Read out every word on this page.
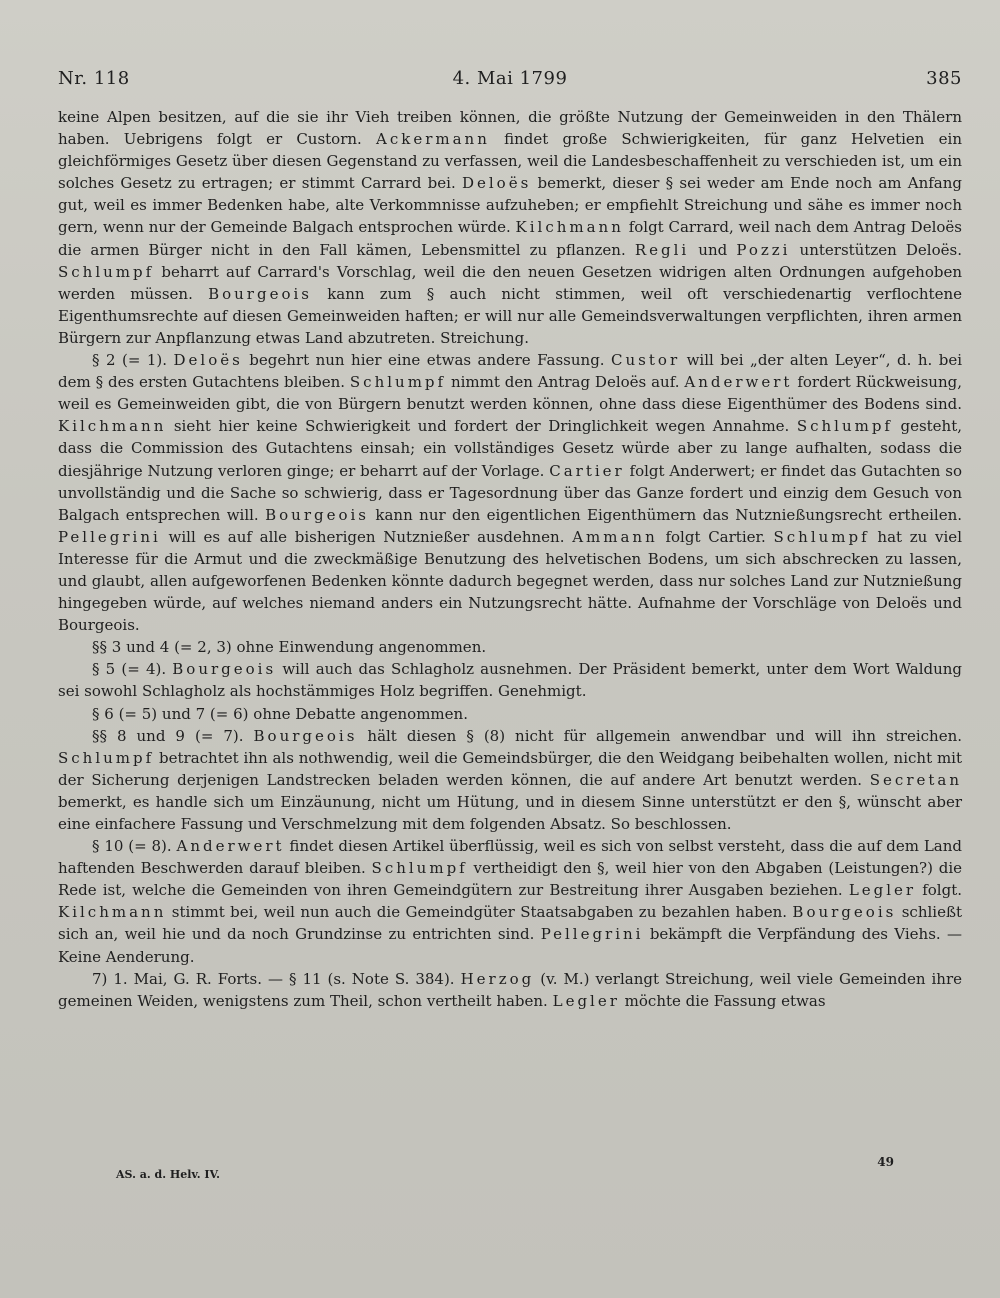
Nr. 118	4. Mai 1799	385

keine Alpen besitzen, auf die sie ihr Vieh treiben können, die größte Nutzung der Gemeinweiden in den Thälern haben. Uebrigens folgt er Custorn. Ackermann findet große Schwierigkeiten, für ganz Helvetien ein gleichförmiges Gesetz über diesen Gegenstand zu verfassen, weil die Landesbeschaffenheit zu verschieden ist, um ein solches Gesetz zu ertragen; er stimmt Carrard bei. Deloës bemerkt, dieser § sei weder am Ende noch am Anfang gut, weil es immer Bedenken habe, alte Verkommnisse aufzuheben; er empfiehlt Streichung und sähe es immer noch gern, wenn nur der Gemeinde Balgach entsprochen würde. Kilchmann folgt Carrard, weil nach dem Antrag Deloës die armen Bürger nicht in den Fall kämen, Lebensmittel zu pflanzen. Regli und Pozzi unterstützen Deloës. Schlumpf beharrt auf Carrard's Vorschlag, weil die den neuen Gesetzen widrigen alten Ordnungen aufgehoben werden müssen. Bourgeois kann zum § auch nicht stimmen, weil oft verschiedenartig verflochtene Eigenthumsrechte auf diesen Gemeinweiden haften; er will nur alle Gemeindsverwaltungen verpflichten, ihren armen Bürgern zur Anpflanzung etwas Land abzutreten. Streichung.

§ 2 (= 1). Deloës begehrt nun hier eine etwas andere Fassung. Custor will bei „der alten Leyer“, d. h. bei dem § des ersten Gutachtens bleiben. Schlumpf nimmt den Antrag Deloës auf. Anderwert fordert Rückweisung, weil es Gemeinweiden gibt, die von Bürgern benutzt werden können, ohne dass diese Eigenthümer des Bodens sind. Kilchmann sieht hier keine Schwierigkeit und fordert der Dringlichkeit wegen Annahme. Schlumpf gesteht, dass die Commission des Gutachtens einsah; ein vollständiges Gesetz würde aber zu lange aufhalten, sodass die diesjährige Nutzung verloren ginge; er beharrt auf der Vorlage. Cartier folgt Anderwert; er findet das Gutachten so unvollständig und die Sache so schwierig, dass er Tagesordnung über das Ganze fordert und einzig dem Gesuch von Balgach entsprechen will. Bourgeois kann nur den eigentlichen Eigenthümern das Nutznießungsrecht ertheilen. Pellegrini will es auf alle bisherigen Nutznießer ausdehnen. Ammann folgt Cartier. Schlumpf hat zu viel Interesse für die Armut und die zweckmäßige Benutzung des helvetischen Bodens, um sich abschrecken zu lassen, und glaubt, allen aufgeworfenen Bedenken könnte dadurch begegnet werden, dass nur solches Land zur Nutznießung hingegeben würde, auf welches niemand anders ein Nutzungsrecht hätte. Aufnahme der Vorschläge von Deloës und Bourgeois.

§§ 3 und 4 (= 2, 3) ohne Einwendung angenommen.

§ 5 (= 4). Bourgeois will auch das Schlagholz ausnehmen. Der Präsident bemerkt, unter dem Wort Waldung sei sowohl Schlagholz als hochstämmiges Holz begriffen. Genehmigt.

§ 6 (= 5) und 7 (= 6) ohne Debatte angenommen.

§§ 8 und 9 (= 7). Bourgeois hält diesen § (8) nicht für allgemein anwendbar und will ihn streichen. Schlumpf betrachtet ihn als nothwendig, weil die Gemeindsbürger, die den Weidgang beibehalten wollen, nicht mit der Sicherung derjenigen Landstrecken beladen werden können, die auf andere Art benutzt werden. Secretan bemerkt, es handle sich um Einzäunung, nicht um Hütung, und in diesem Sinne unterstützt er den §, wünscht aber eine einfachere Fassung und Verschmelzung mit dem folgenden Absatz. So beschlossen.

§ 10 (= 8). Anderwert findet diesen Artikel überflüssig, weil es sich von selbst versteht, dass die auf dem Land haftenden Beschwerden darauf bleiben. Schlumpf vertheidigt den §, weil hier von den Abgaben (Leistungen?) die Rede ist, welche die Gemeinden von ihren Gemeindgütern zur Bestreitung ihrer Ausgaben beziehen. Legler folgt. Kilchmann stimmt bei, weil nun auch die Gemeindgüter Staatsabgaben zu bezahlen haben. Bourgeois schließt sich an, weil hie und da noch Grundzinse zu entrichten sind. Pellegrini bekämpft die Verpfändung des Viehs. — Keine Aenderung.

7) 1. Mai, G. R. Forts. — § 11 (s. Note S. 384). Herzog (v. M.) verlangt Streichung, weil viele Gemeinden ihre gemeinen Weiden, wenigstens zum Theil, schon vertheilt haben. Legler möchte die Fassung etwas

49
AS. a. d. Helv. IV.
